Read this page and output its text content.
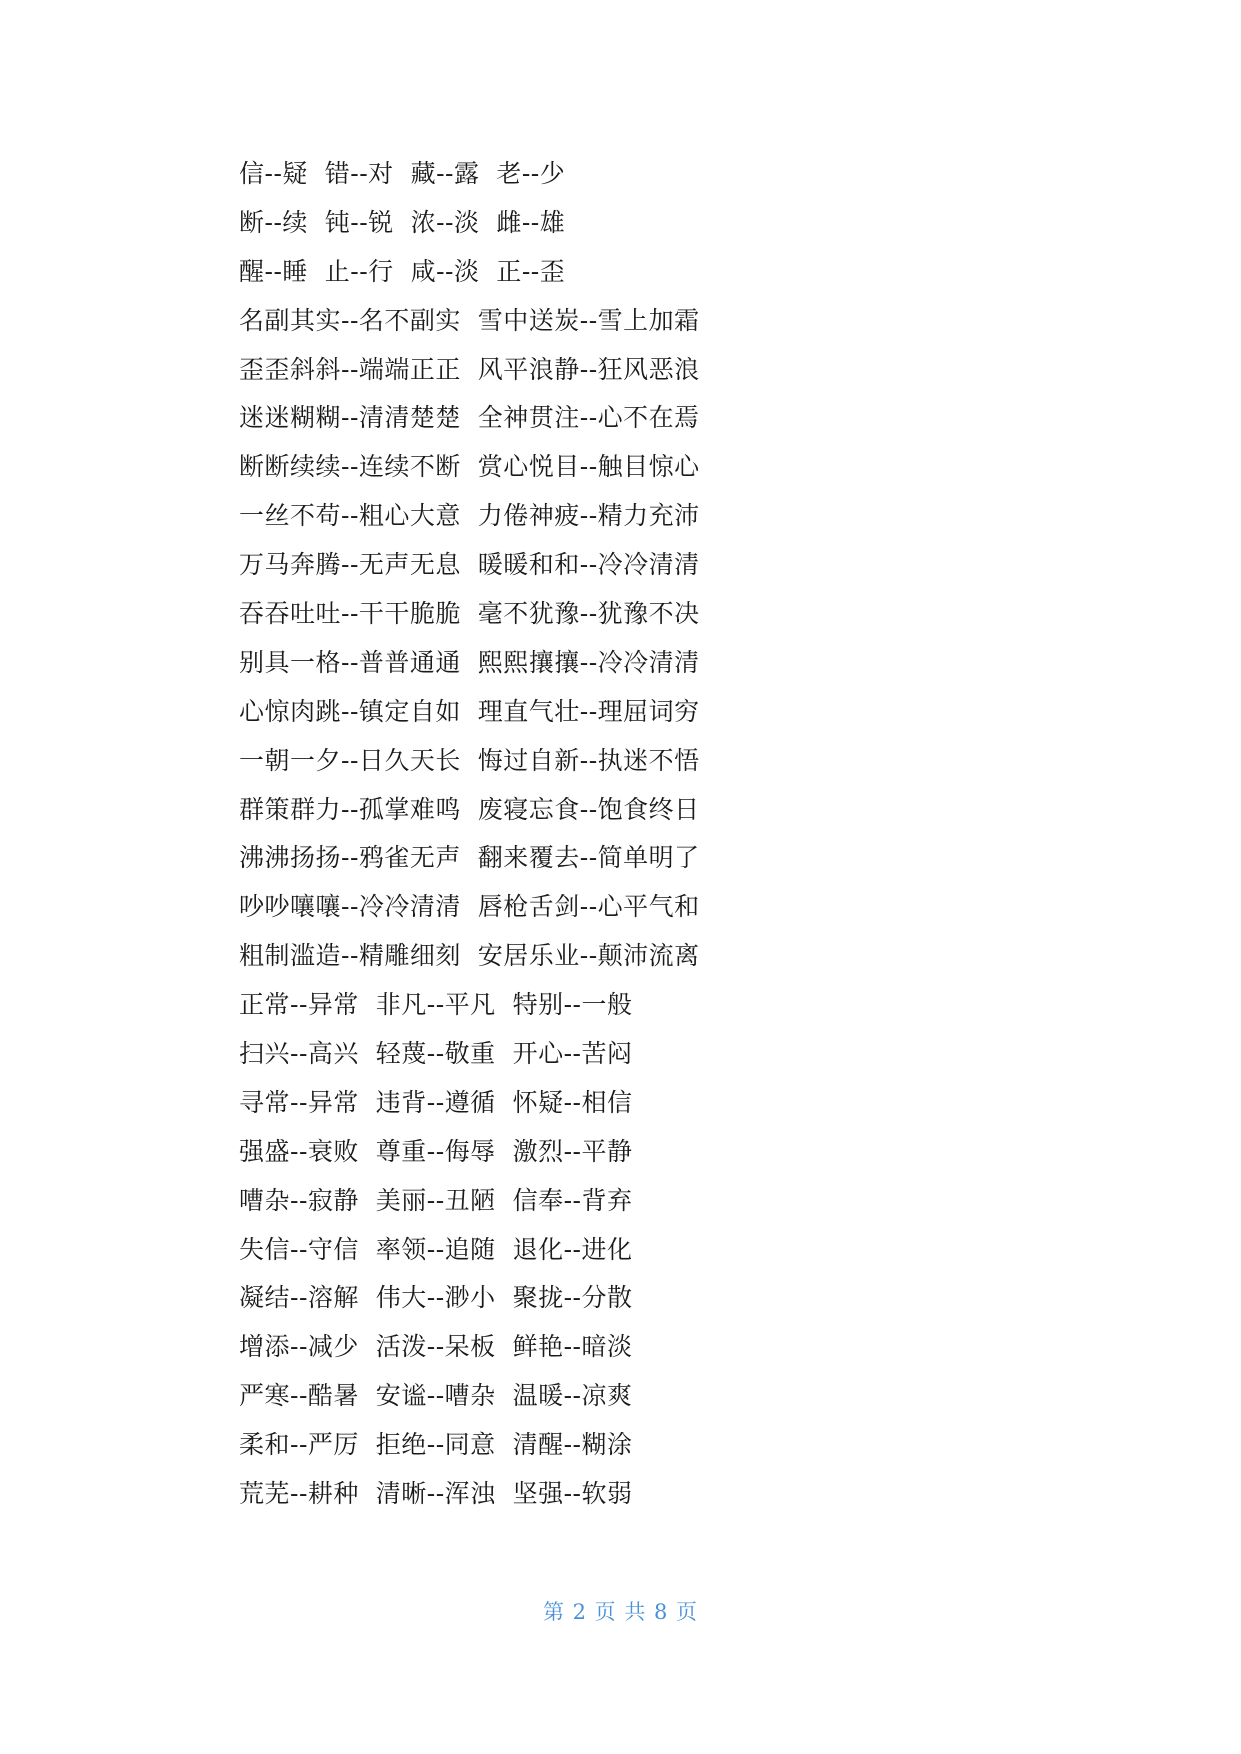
信--疑  错--对  藏--露  老--少
断--续  钝--锐  浓--淡  雌--雄
醒--睡  止--行  咸--淡  正--歪
名副其实--名不副实  雪中送炭--雪上加霜
歪歪斜斜--端端正正  风平浪静--狂风恶浪
迷迷糊糊--清清楚楚  全神贯注--心不在焉
断断续续--连续不断  赏心悦目--触目惊心
一丝不苟--粗心大意  力倦神疲--精力充沛
万马奔腾--无声无息  暖暖和和--冷冷清清
吞吞吐吐--干干脆脆  毫不犹豫--犹豫不决
别具一格--普普通通  熙熙攘攘--冷冷清清
心惊肉跳--镇定自如  理直气壮--理屈词穷
一朝一夕--日久天长  悔过自新--执迷不悟
群策群力--孤掌难鸣  废寝忘食--饱食终日
沸沸扬扬--鸦雀无声  翻来覆去--简单明了
吵吵嚷嚷--冷冷清清  唇枪舌剑--心平气和
粗制滥造--精雕细刻  安居乐业--颠沛流离
正常--异常  非凡--平凡  特别--一般
扫兴--高兴  轻蔑--敬重  开心--苦闷
寻常--异常  违背--遵循  怀疑--相信
强盛--衰败  尊重--侮辱  激烈--平静
嘈杂--寂静  美丽--丑陋  信奉--背弃
失信--守信  率领--追随  退化--进化
凝结--溶解  伟大--渺小  聚拢--分散
增添--减少  活泼--呆板  鲜艳--暗淡
严寒--酷暑  安谧--嘈杂  温暖--凉爽
柔和--严厉  拒绝--同意  清醒--糊涂
荒芜--耕种  清晰--浑浊  坚强--软弱
第 2 页 共 8 页
